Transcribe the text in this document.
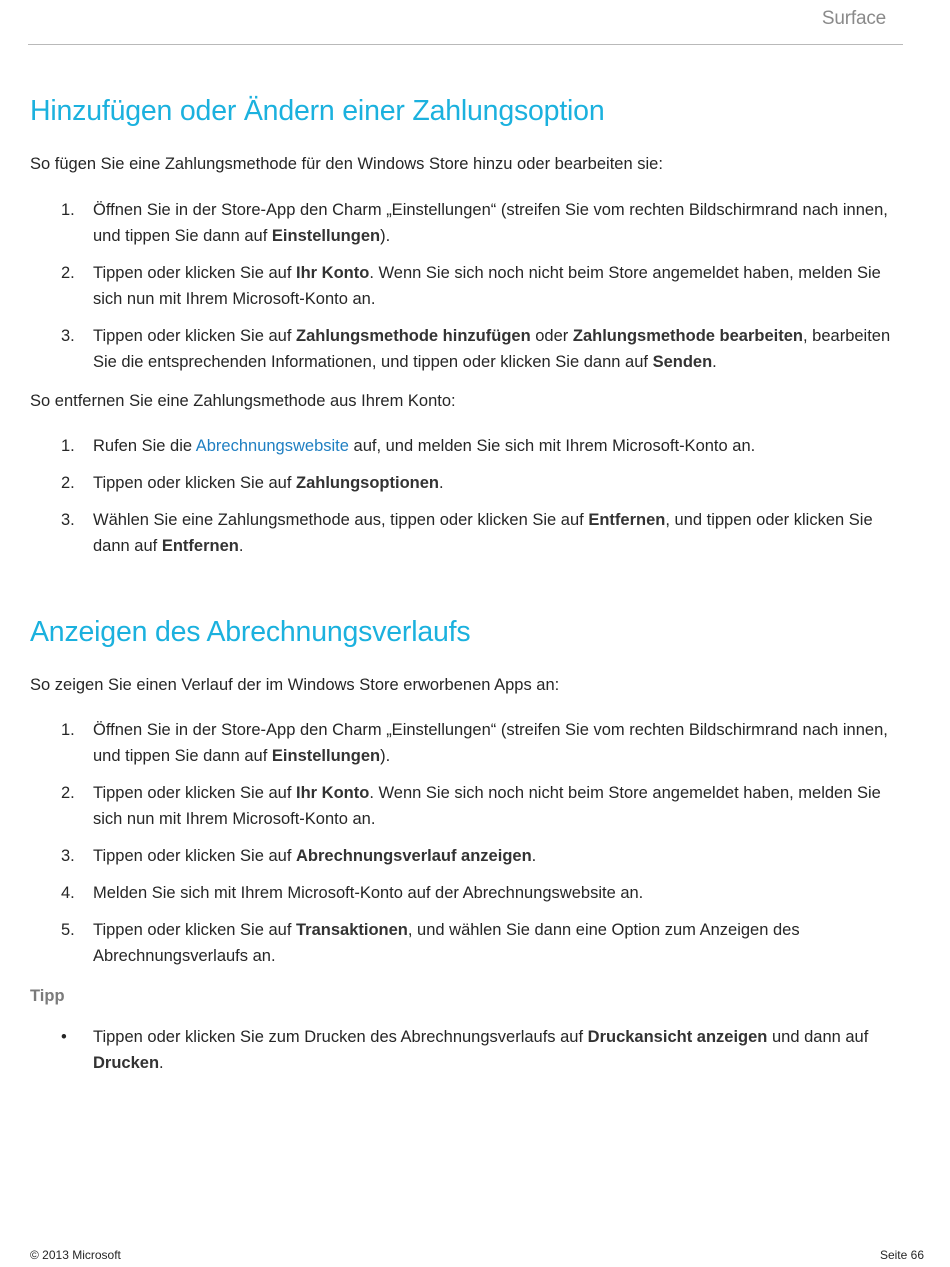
Surface
Hinzufügen oder Ändern einer Zahlungsoption

So fügen Sie eine Zahlungsmethode für den Windows Store hinzu oder bearbeiten sie:

1. Öffnen Sie in der Store-App den Charm „Einstellungen“ (streifen Sie vom rechten Bildschirmrand nach innen, und tippen Sie dann auf Einstellungen).
2. Tippen oder klicken Sie auf Ihr Konto. Wenn Sie sich noch nicht beim Store angemeldet haben, melden Sie sich nun mit Ihrem Microsoft-Konto an.
3. Tippen oder klicken Sie auf Zahlungsmethode hinzufügen oder Zahlungsmethode bearbeiten, bearbeiten Sie die entsprechenden Informationen, und tippen oder klicken Sie dann auf Senden.

So entfernen Sie eine Zahlungsmethode aus Ihrem Konto:

1. Rufen Sie die Abrechnungswebsite auf, und melden Sie sich mit Ihrem Microsoft-Konto an.
2. Tippen oder klicken Sie auf Zahlungsoptionen.
3. Wählen Sie eine Zahlungsmethode aus, tippen oder klicken Sie auf Entfernen, und tippen oder klicken Sie dann auf Entfernen.
Anzeigen des Abrechnungsverlaufs

So zeigen Sie einen Verlauf der im Windows Store erworbenen Apps an:

1. Öffnen Sie in der Store-App den Charm „Einstellungen“ (streifen Sie vom rechten Bildschirmrand nach innen, und tippen Sie dann auf Einstellungen).
2. Tippen oder klicken Sie auf Ihr Konto. Wenn Sie sich noch nicht beim Store angemeldet haben, melden Sie sich nun mit Ihrem Microsoft-Konto an.
3. Tippen oder klicken Sie auf Abrechnungsverlauf anzeigen.
4. Melden Sie sich mit Ihrem Microsoft-Konto auf der Abrechnungswebsite an.
5. Tippen oder klicken Sie auf Transaktionen, und wählen Sie dann eine Option zum Anzeigen des Abrechnungsverlaufs an.

Tipp

• Tippen oder klicken Sie zum Drucken des Abrechnungsverlaufs auf Druckansicht anzeigen und dann auf Drucken.
© 2013 Microsoft	Seite 66
